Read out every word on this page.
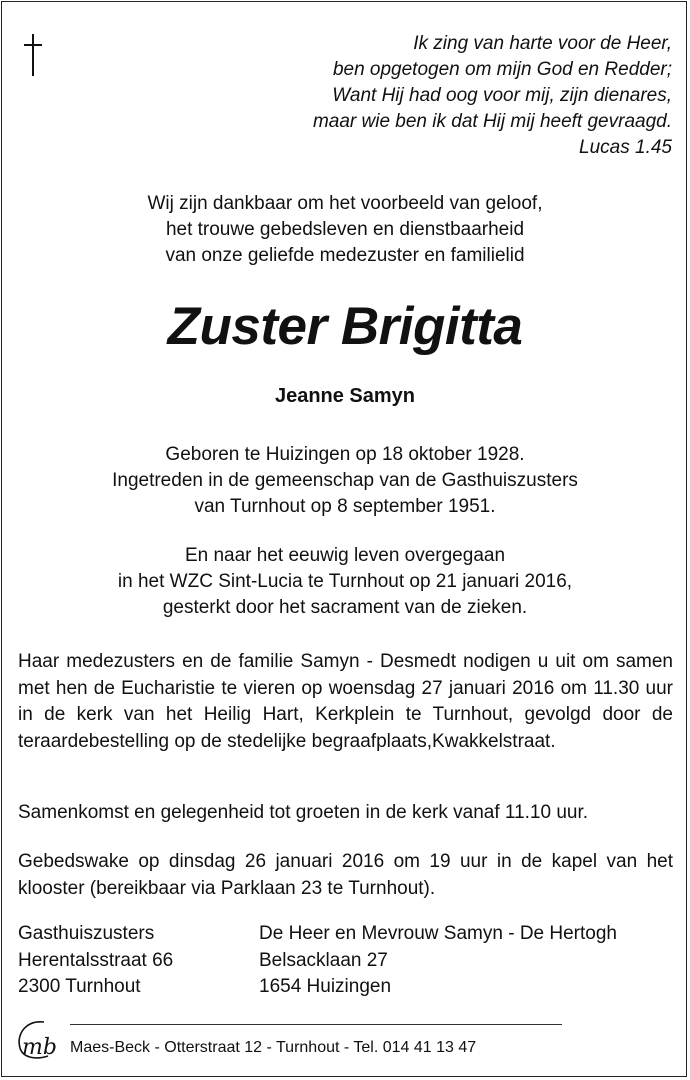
Ik zing van harte voor de Heer,
ben opgetogen om mijn God en Redder;
Want Hij had oog voor mij, zijn dienares,
maar wie ben ik dat Hij mij heeft gevraagd.
Lucas 1.45
Wij zijn dankbaar om het voorbeeld van geloof,
het trouwe gebedsleven en dienstbaarheid
van onze geliefde medezuster en familielid
Zuster Brigitta
Jeanne Samyn
Geboren te Huizingen op 18 oktober 1928.
Ingetreden in de gemeenschap van de Gasthuiszusters
van Turnhout op 8 september 1951.
En naar het eeuwig leven overgegaan
in het WZC Sint-Lucia te Turnhout op 21 januari 2016,
gesterkt door het sacrament van de zieken.
Haar medezusters en de familie Samyn - Desmedt nodigen u uit om samen met hen de Eucharistie te vieren op woensdag 27 januari 2016 om 11.30 uur in de kerk van het Heilig Hart, Kerkplein te Turnhout, gevolgd door de teraardebestelling op de stedelijke begraafplaats,Kwakkelstraat.
Samenkomst en gelegenheid tot groeten in de kerk vanaf 11.10 uur.
Gebedswake op dinsdag 26 januari 2016 om 19 uur in de kapel van het klooster (bereikbaar via Parklaan 23 te Turnhout).
Gasthuiszusters
Herentalsstraat 66
2300 Turnhout
De Heer en Mevrouw Samyn - De Hertogh
Belsacklaan 27
1654 Huizingen
mb Maes-Beck - Otterstraat 12 - Turnhout - Tel. 014 41 13 47
